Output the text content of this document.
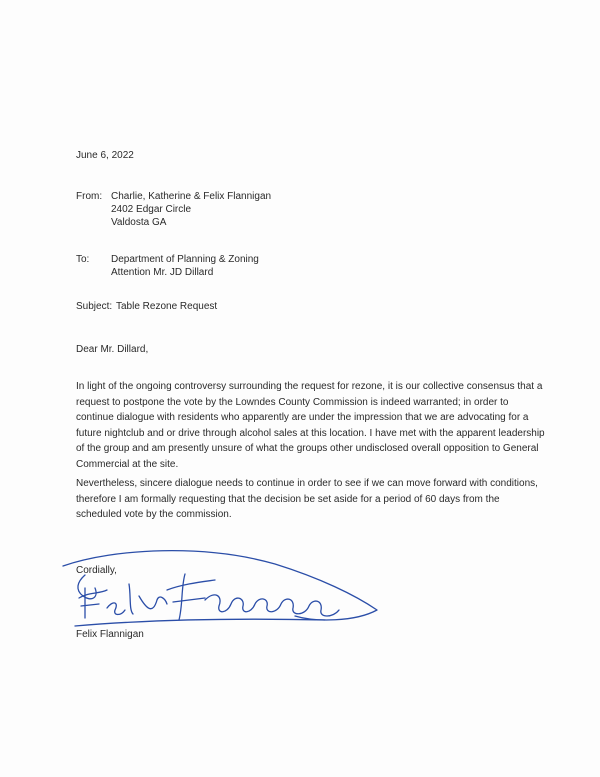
June 6, 2022
From: Charlie, Katherine & Felix Flannigan
2402 Edgar Circle
Valdosta GA
To: Department of Planning & Zoning
Attention Mr. JD Dillard
Subject: Table Rezone Request
Dear Mr. Dillard,

In light of the ongoing controversy surrounding the request for rezone, it is our collective consensus that a request to postpone the vote by the Lowndes County Commission is indeed warranted; in order to continue dialogue with residents who apparently are under the impression that we are advocating for a future nightclub and or drive through alcohol sales at this location. I have met with the apparent leadership of the group and am presently unsure of what the groups other undisclosed overall opposition to General Commercial at the site.

Nevertheless, sincere dialogue needs to continue in order to see if we can move forward with conditions, therefore I am formally requesting that the decision be set aside for a period of 60 days from the scheduled vote by the commission.

Cordially,
Felix Flannigan
